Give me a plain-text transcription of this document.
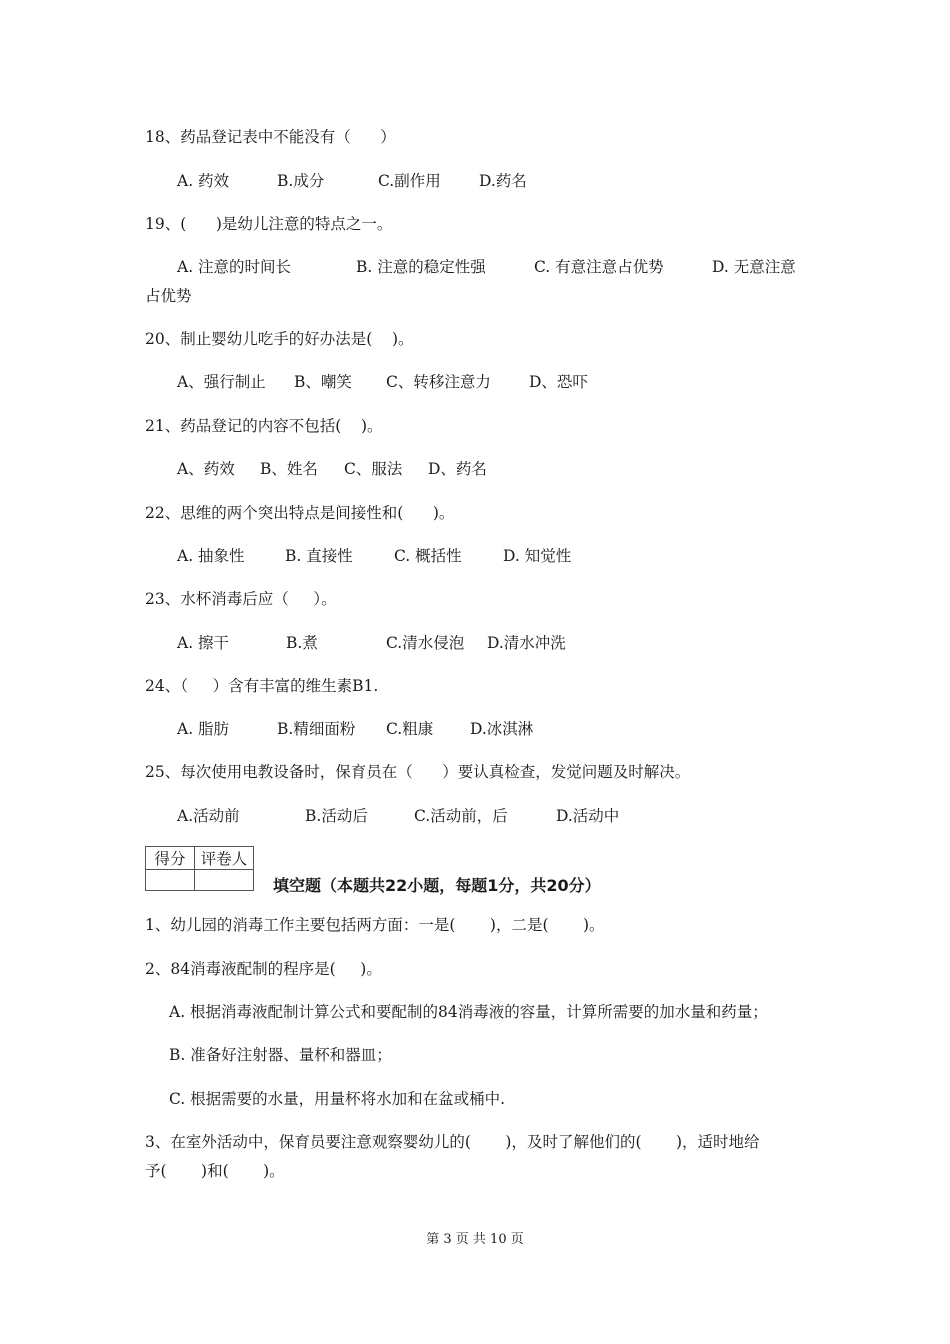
18、药品登记表中不能没有（      ）
A. 药效	B.成分	C.副作用 D.药名
19、(      )是幼儿注意的特点之一。
A. 注意的时间长	B. 注意的稳定性强	C. 有意注意占优势	D. 无意注意
占优势
20、制止婴幼儿吃手的好办法是(    )。
A、强行制止 B、嘲笑 C、转移注意力 D、恐吓
21、药品登记的内容不包括(    )。
A、药效 B、姓名 C、服法 D、药名
22、思维的两个突出特点是间接性和(      )。
A. 抽象性	B. 直接性	C. 概括性	D. 知觉性
23、水杯消毒后应（     ）。
A. 擦干	B.煮	C.清水侵泡 D.清水冲洗
24、（     ）含有丰富的维生素B1.
A. 脂肪	B.精细面粉 C.粗康 D.冰淇淋
25、每次使用电教设备时，保育员在（      ）要认真检查，发觉问题及时解决。
A.活动前	B.活动后	C.活动前，后	D.活动中
得分	评卷人

填空题（本题共22小题，每题1分，共20分）
1、幼儿园的消毒工作主要包括两方面：一是(       )，二是(       )。
2、84消毒液配制的程序是(     )。
A. 根据消毒液配制计算公式和要配制的84消毒液的容量，计算所需要的加水量和药量；
B. 准备好注射器、量杯和器皿；
C. 根据需要的水量，用量杯将水加和在盆或桶中.
3、在室外活动中，保育员要注意观察婴幼儿的(       )，及时了解他们的(       )，适时地给
予(       )和(       )。
第 3 页 共 10 页
